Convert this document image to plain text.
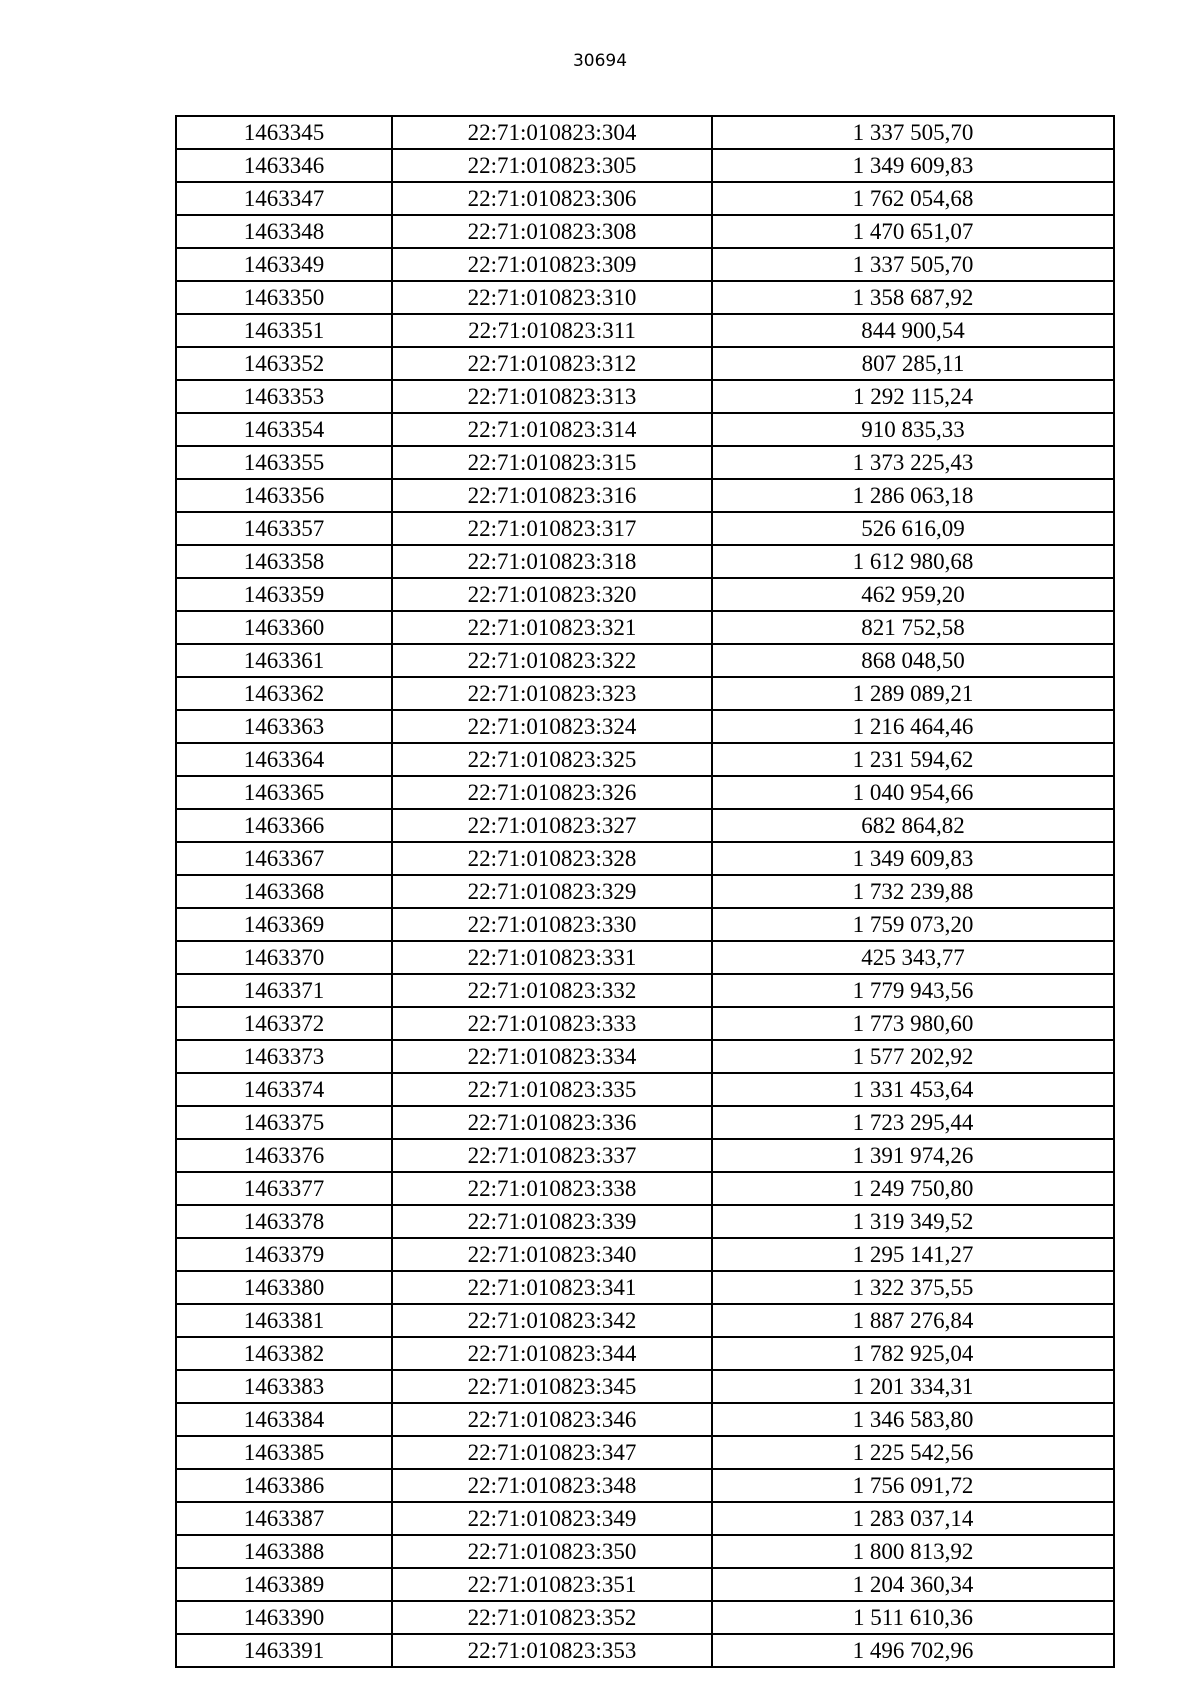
30694
1463345	22:71:010823:304	1 337 505,70
1463346	22:71:010823:305	1 349 609,83
1463347	22:71:010823:306	1 762 054,68
1463348	22:71:010823:308	1 470 651,07
1463349	22:71:010823:309	1 337 505,70
1463350	22:71:010823:310	1 358 687,92
1463351	22:71:010823:311	844 900,54
1463352	22:71:010823:312	807 285,11
1463353	22:71:010823:313	1 292 115,24
1463354	22:71:010823:314	910 835,33
1463355	22:71:010823:315	1 373 225,43
1463356	22:71:010823:316	1 286 063,18
1463357	22:71:010823:317	526 616,09
1463358	22:71:010823:318	1 612 980,68
1463359	22:71:010823:320	462 959,20
1463360	22:71:010823:321	821 752,58
1463361	22:71:010823:322	868 048,50
1463362	22:71:010823:323	1 289 089,21
1463363	22:71:010823:324	1 216 464,46
1463364	22:71:010823:325	1 231 594,62
1463365	22:71:010823:326	1 040 954,66
1463366	22:71:010823:327	682 864,82
1463367	22:71:010823:328	1 349 609,83
1463368	22:71:010823:329	1 732 239,88
1463369	22:71:010823:330	1 759 073,20
1463370	22:71:010823:331	425 343,77
1463371	22:71:010823:332	1 779 943,56
1463372	22:71:010823:333	1 773 980,60
1463373	22:71:010823:334	1 577 202,92
1463374	22:71:010823:335	1 331 453,64
1463375	22:71:010823:336	1 723 295,44
1463376	22:71:010823:337	1 391 974,26
1463377	22:71:010823:338	1 249 750,80
1463378	22:71:010823:339	1 319 349,52
1463379	22:71:010823:340	1 295 141,27
1463380	22:71:010823:341	1 322 375,55
1463381	22:71:010823:342	1 887 276,84
1463382	22:71:010823:344	1 782 925,04
1463383	22:71:010823:345	1 201 334,31
1463384	22:71:010823:346	1 346 583,80
1463385	22:71:010823:347	1 225 542,56
1463386	22:71:010823:348	1 756 091,72
1463387	22:71:010823:349	1 283 037,14
1463388	22:71:010823:350	1 800 813,92
1463389	22:71:010823:351	1 204 360,34
1463390	22:71:010823:352	1 511 610,36
1463391	22:71:010823:353	1 496 702,96
